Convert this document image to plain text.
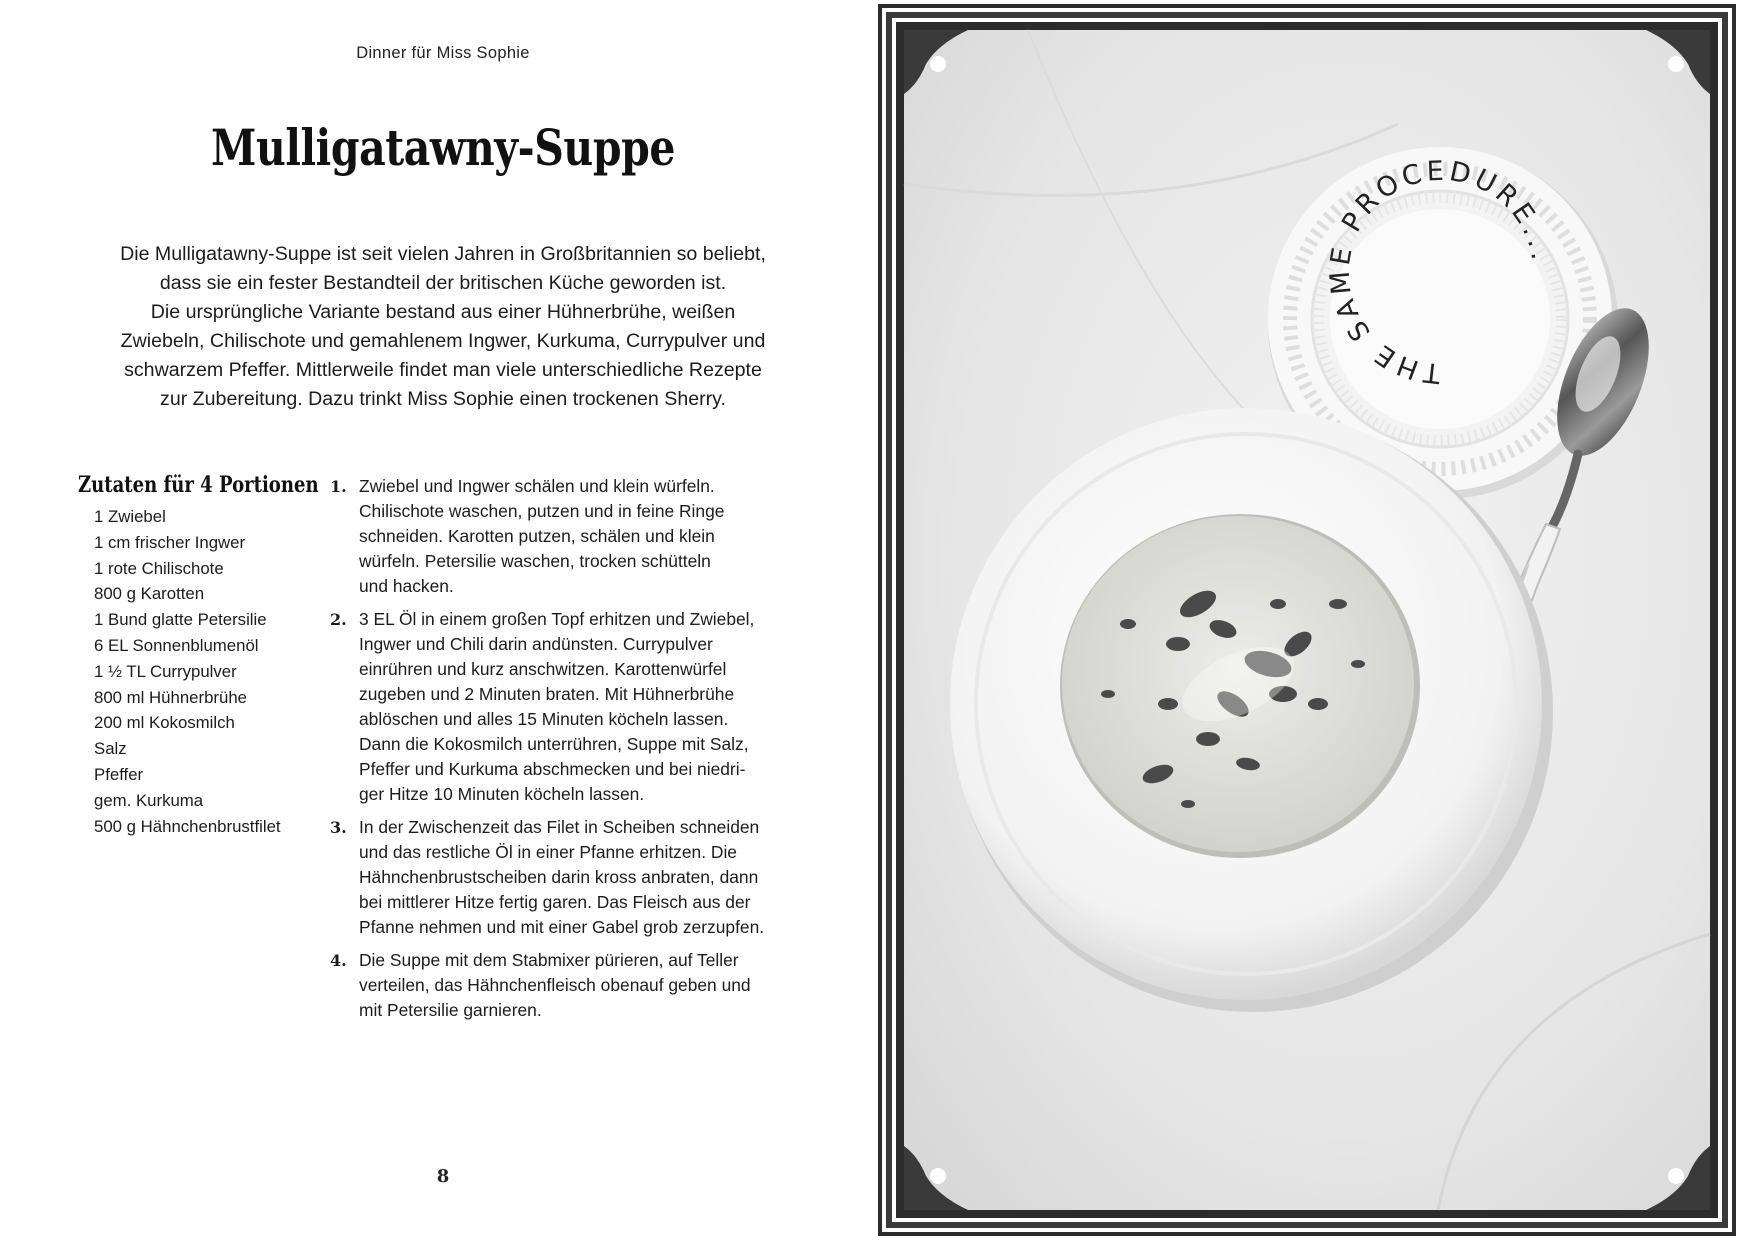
Dinner für Miss Sophie
Mulligatawny-Suppe

Die Mulligatawny-Suppe ist seit vielen Jahren in Großbritannien so beliebt,
dass sie ein fester Bestandteil der britischen Küche geworden ist.
Die ursprüngliche Variante bestand aus einer Hühnerbrühe, weißen
Zwiebeln, Chilischote und gemahlenem Ingwer, Kurkuma, Currypulver und
schwarzem Pfeffer. Mittlerweile findet man viele unterschiedliche Rezepte
zur Zubereitung. Dazu trinkt Miss Sophie einen trockenen Sherry.

Zutaten für 4 Portionen
1 Zwiebel
1 cm frischer Ingwer
1 rote Chilischote
800 g Karotten
1 Bund glatte Petersilie
6 EL Sonnenblumenöl
1 ½ TL Currypulver
800 ml Hühnerbrühe
200 ml Kokosmilch
Salz
Pfeffer
gem. Kurkuma
500 g Hähnchenbrustfilet
1. Zwiebel und Ingwer schälen und klein würfeln.
Chilischote waschen, putzen und in feine Ringe
schneiden. Karotten putzen, schälen und klein
würfeln. Petersilie waschen, trocken schütteln
und hacken.
2. 3 EL Öl in einem großen Topf erhitzen und Zwiebel,
Ingwer und Chili darin andünsten. Currypulver
einrühren und kurz anschwitzen. Karottenwürfel
zugeben und 2 Minuten braten. Mit Hühnerbrühe
ablöschen und alles 15 Minuten köcheln lassen.
Dann die Kokosmilch unterrühren, Suppe mit Salz,
Pfeffer und Kurkuma abschmecken und bei niedri-
ger Hitze 10 Minuten köcheln lassen.
3. In der Zwischenzeit das Filet in Scheiben schneiden
und das restliche Öl in einer Pfanne erhitzen. Die
Hähnchenbrustscheiben darin kross anbraten, dann
bei mittlerer Hitze fertig garen. Das Fleisch aus der
Pfanne nehmen und mit einer Gabel grob zerzupfen.
4. Die Suppe mit dem Stabmixer pürieren, auf Teller
verteilen, das Hähnchenfleisch obenauf geben und
mit Petersilie garnieren.
8
THE SAME PROCEDURE...
